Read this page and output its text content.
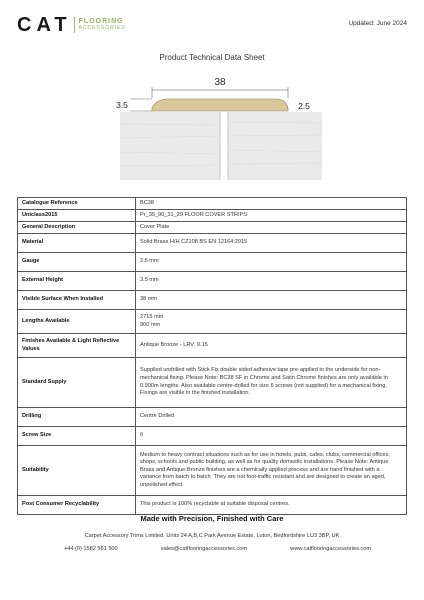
CAT FLOORING
ACCESSORIES
Updated: June 2024
Product Technical Data Sheet
38
3.5	2.5
Catalogue Reference	BC38
Uniclass2015	Pr_35_90_31_29 FLOOR COVER STRIPS
General Description	Cover Plate
Material	Solid Brass H/H CZ108 BS EN 12164:2015
Gauge	2.5 mm
External Height	3.5 mm
Visible Surface When Installed	38 mm
Lengths Available	2715 mm
900 mm

Finishes Available & Light Reflective Values	Antique Bronze - LRV: 9.15
Standard Supply	Supplied undrilled with Stick Fix double sided adhesive tape pre-applied to the underside for non-mechanical fixing. Please Note: BC38 SF in Chrome and Satin Chrome finishes are only available in 0.900m lengths. Also available centre-drilled for size 6 screws (not supplied) for a mechanical fixing. Fixings are visible in the finished installation.
Drilling	Centre Drilled
Screw Size	6
Suitability	Medium to heavy contract situations such as for use in hotels, pubs, cafes, clubs, commercial offices, shops, schools and public building, as well as for quality domestic installations. Please Note: Antique Brass and Antique Bronze finishes are a chemically applied process and are hand finished with a variance from batch to batch. They are not foot-traffic resistant and are designed to create an aged, unpolished effect.
Post Consumer Recyclability	This product is 100% recyclable at suitable disposal centres.
Made with Precision, Finished with Care
Carpet Accessory Trims Limited. Units 24 A,B,C Park Avenue Estate, Luton, Bedfordshire LU3 3BP, UK
+44 (0) 1582 561 500	sales@catflooringaccessories.com	www.catflooringaccessories.com
